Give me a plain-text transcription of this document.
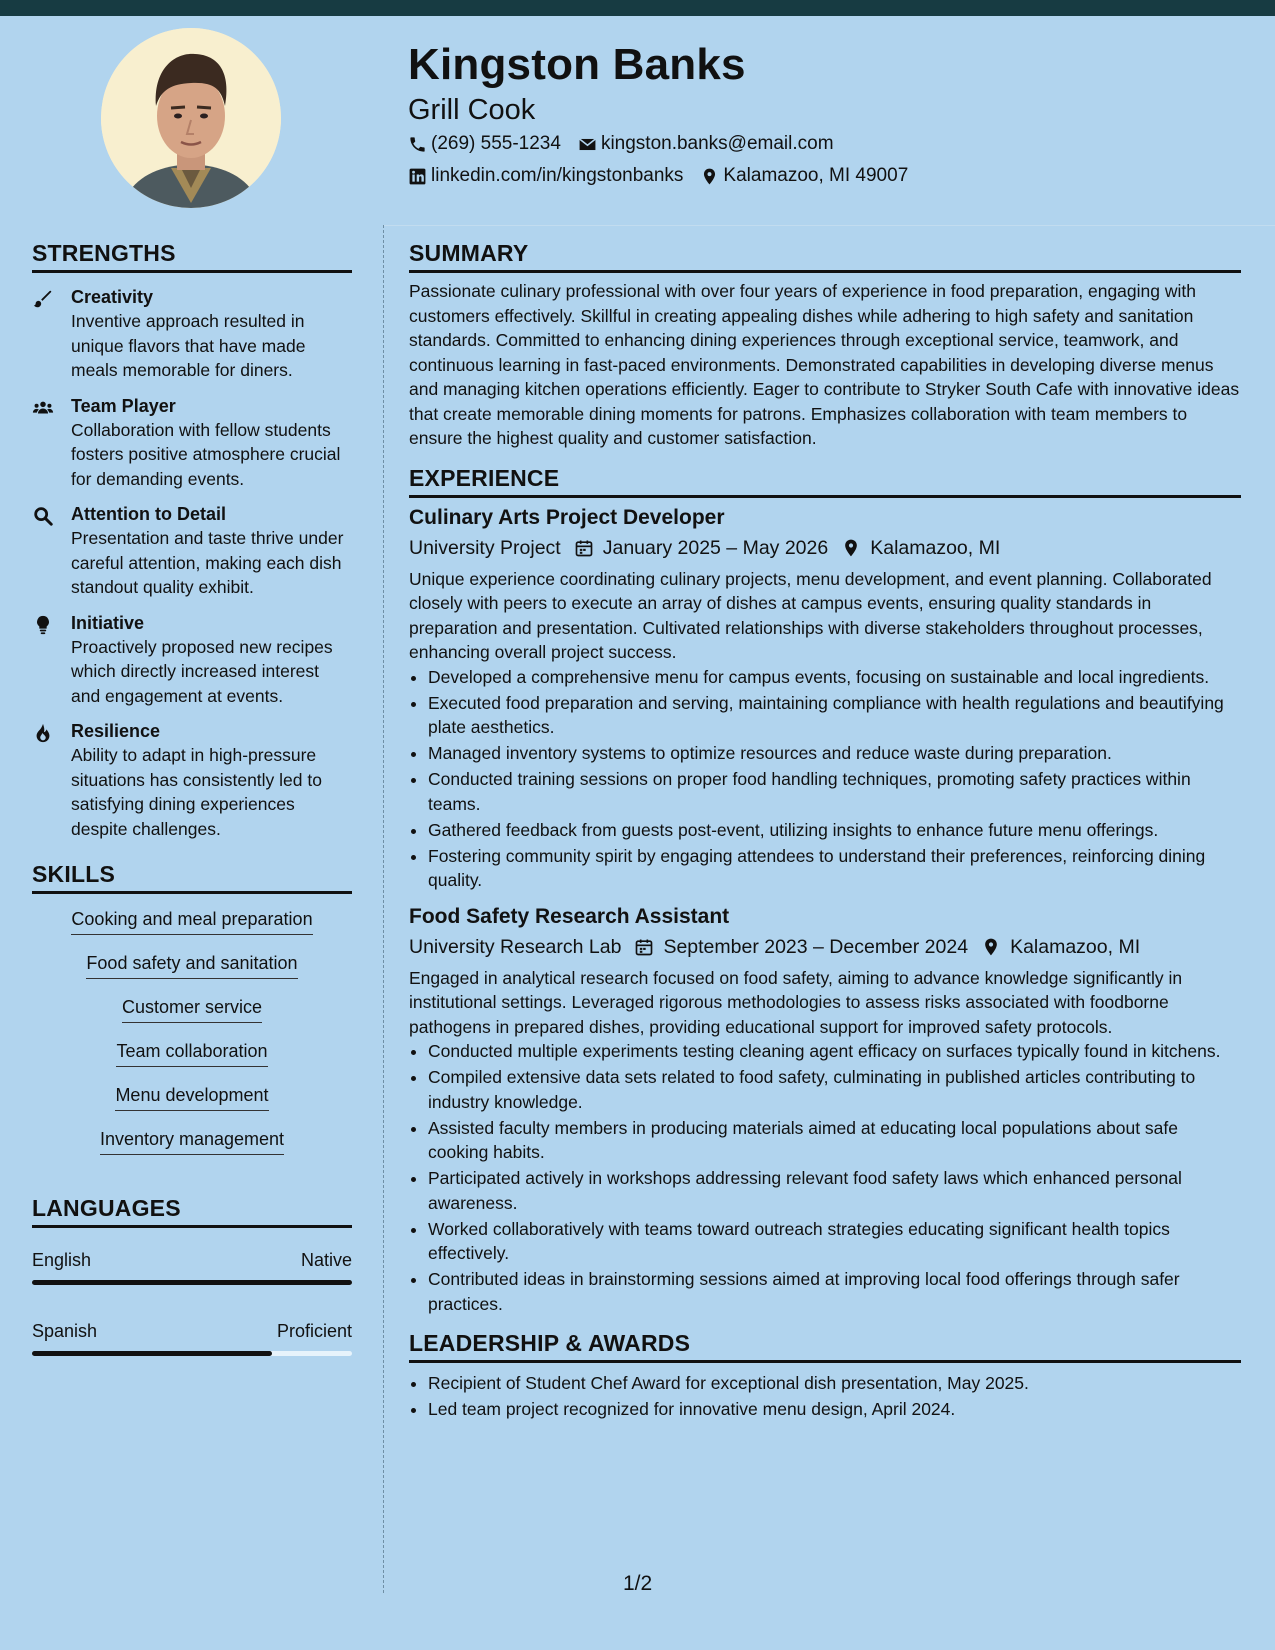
Kingston Banks
Grill Cook
(269) 555-1234 kingston.banks@email.com
linkedin.com/in/kingstonbanks Kalamazoo, MI 49007
STRENGTHS
Creativity
Inventive approach resulted in unique flavors that have made meals memorable for diners.
Team Player
Collaboration with fellow students fosters positive atmosphere crucial for demanding events.
Attention to Detail
Presentation and taste thrive under careful attention, making each dish standout quality exhibit.
Initiative
Proactively proposed new recipes which directly increased interest and engagement at events.
Resilience
Ability to adapt in high-pressure situations has consistently led to satisfying dining experiences despite challenges.
SKILLS
Cooking and meal preparation
Food safety and sanitation
Customer service
Team collaboration
Menu development
Inventory management
LANGUAGES
English	Native
Spanish	Proficient
SUMMARY
Passionate culinary professional with over four years of experience in food preparation, engaging with customers effectively. Skillful in creating appealing dishes while adhering to high safety and sanitation standards. Committed to enhancing dining experiences through exceptional service, teamwork, and continuous learning in fast-paced environments. Demonstrated capabilities in developing diverse menus and managing kitchen operations efficiently. Eager to contribute to Stryker South Cafe with innovative ideas that create memorable dining moments for patrons. Emphasizes collaboration with team members to ensure the highest quality and customer satisfaction.
EXPERIENCE
Culinary Arts Project Developer
University Project January 2025 – May 2026 Kalamazoo, MI
Unique experience coordinating culinary projects, menu development, and event planning. Collaborated closely with peers to execute an array of dishes at campus events, ensuring quality standards in preparation and presentation. Cultivated relationships with diverse stakeholders throughout processes, enhancing overall project success.
• Developed a comprehensive menu for campus events, focusing on sustainable and local ingredients.
• Executed food preparation and serving, maintaining compliance with health regulations and beautifying plate aesthetics.
• Managed inventory systems to optimize resources and reduce waste during preparation.
• Conducted training sessions on proper food handling techniques, promoting safety practices within teams.
• Gathered feedback from guests post-event, utilizing insights to enhance future menu offerings.
• Fostering community spirit by engaging attendees to understand their preferences, reinforcing dining quality.
Food Safety Research Assistant
University Research Lab September 2023 – December 2024 Kalamazoo, MI
Engaged in analytical research focused on food safety, aiming to advance knowledge significantly in institutional settings. Leveraged rigorous methodologies to assess risks associated with foodborne pathogens in prepared dishes, providing educational support for improved safety protocols.
• Conducted multiple experiments testing cleaning agent efficacy on surfaces typically found in kitchens.
• Compiled extensive data sets related to food safety, culminating in published articles contributing to industry knowledge.
• Assisted faculty members in producing materials aimed at educating local populations about safe cooking habits.
• Participated actively in workshops addressing relevant food safety laws which enhanced personal awareness.
• Worked collaboratively with teams toward outreach strategies educating significant health topics effectively.
• Contributed ideas in brainstorming sessions aimed at improving local food offerings through safer practices.
LEADERSHIP & AWARDS
• Recipient of Student Chef Award for exceptional dish presentation, May 2025.
• Led team project recognized for innovative menu design, April 2024.
1/2
